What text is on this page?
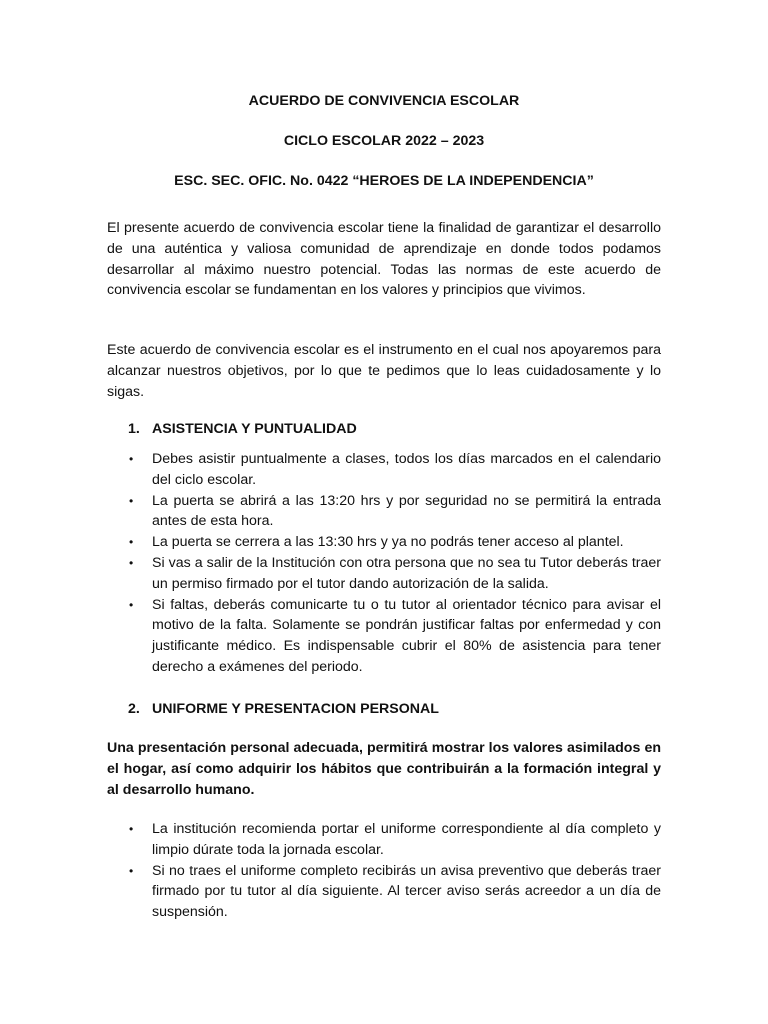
ACUERDO DE CONVIVENCIA ESCOLAR
CICLO ESCOLAR 2022 – 2023
ESC. SEC. OFIC. No. 0422 “HEROES DE LA INDEPENDENCIA”
El presente acuerdo de convivencia escolar tiene la finalidad de garantizar el desarrollo de una auténtica y valiosa comunidad de aprendizaje en donde todos podamos desarrollar al máximo nuestro potencial. Todas las normas de este acuerdo de convivencia escolar se fundamentan en los valores y principios que vivimos.
Este acuerdo de convivencia escolar es el instrumento en el cual nos apoyaremos para alcanzar nuestros objetivos, por lo que te pedimos que lo leas cuidadosamente y lo sigas.
1. ASISTENCIA Y PUNTUALIDAD
• Debes asistir puntualmente a clases, todos los días marcados en el calendario del ciclo escolar.
• La puerta se abrirá a las 13:20 hrs y por seguridad no se permitirá la entrada antes de esta hora.
• La puerta se cerrera a las 13:30 hrs y ya no podrás tener acceso al plantel.
• Si vas a salir de la Institución con otra persona que no sea tu Tutor deberás traer un permiso firmado por el tutor dando autorización de la salida.
• Si faltas, deberás comunicarte tu o tu tutor al orientador técnico para avisar el motivo de la falta. Solamente se pondrán justificar faltas por enfermedad y con justificante médico. Es indispensable cubrir el 80% de asistencia para tener derecho a exámenes del periodo.
2. UNIFORME Y PRESENTACION PERSONAL
Una presentación personal adecuada, permitirá mostrar los valores asimilados en el hogar, así como adquirir los hábitos que contribuirán a la formación integral y al desarrollo humano.
• La institución recomienda portar el uniforme correspondiente al día completo y limpio dúrate toda la jornada escolar.
• Si no traes el uniforme completo recibirás un avisa preventivo que deberás traer firmado por tu tutor al día siguiente. Al tercer aviso serás acreedor a un día de suspensión.
